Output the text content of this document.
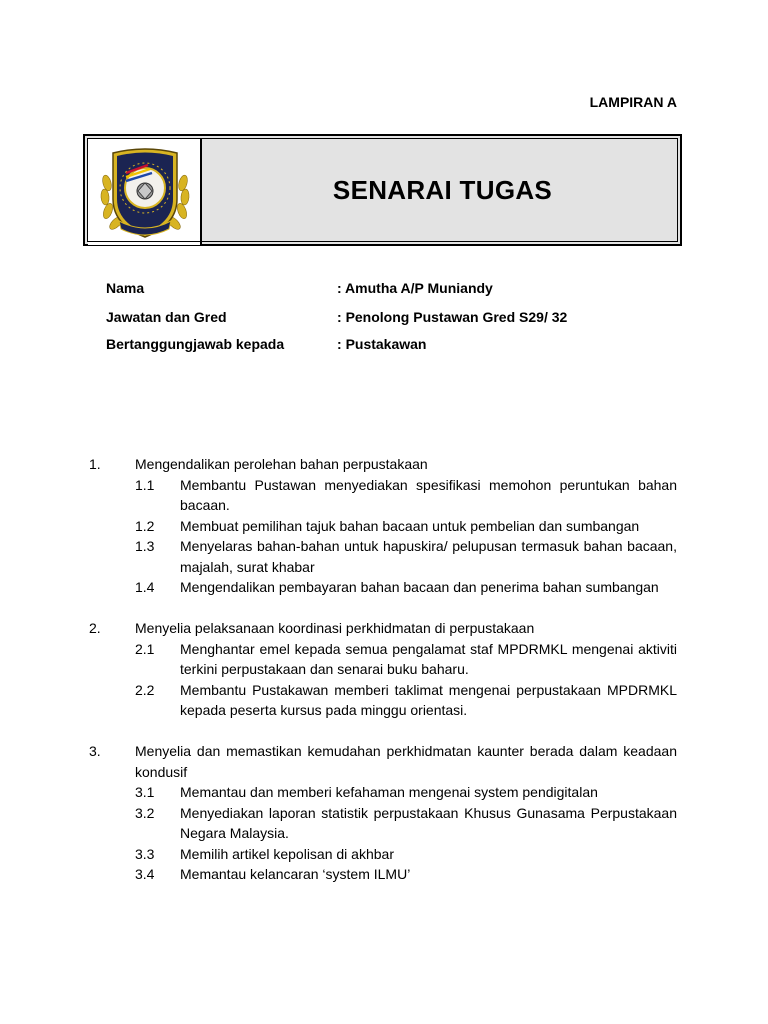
LAMPIRAN A
SENARAI TUGAS
Nama	: Amutha A/P Muniandy
Jawatan dan Gred	: Penolong Pustawan Gred S29/ 32
Bertanggungjawab kepada	: Pustakawan
1. Mengendalikan perolehan bahan perpustakaan
1.1 Membantu Pustawan menyediakan spesifikasi memohon peruntukan bahan bacaan.
1.2 Membuat pemilihan tajuk bahan bacaan untuk pembelian dan sumbangan
1.3 Menyelaras bahan-bahan untuk hapuskira/ pelupusan termasuk bahan bacaan, majalah, surat khabar
1.4 Mengendalikan pembayaran bahan bacaan dan penerima bahan sumbangan
2. Menyelia pelaksanaan koordinasi perkhidmatan di perpustakaan
2.1 Menghantar emel kepada semua pengalamat staf MPDRMKL mengenai aktiviti terkini perpustakaan dan senarai buku baharu.
2.2 Membantu Pustakawan memberi taklimat mengenai perpustakaan MPDRMKL kepada peserta kursus pada minggu orientasi.
3. Menyelia dan memastikan kemudahan perkhidmatan kaunter berada dalam keadaan kondusif
3.1 Memantau dan memberi kefahaman mengenai system pendigitalan
3.2 Menyediakan laporan statistik perpustakaan Khusus Gunasama Perpustakaan Negara Malaysia.
3.3 Memilih artikel kepolisan di akhbar
3.4 Memantau kelancaran ‘system ILMU’
